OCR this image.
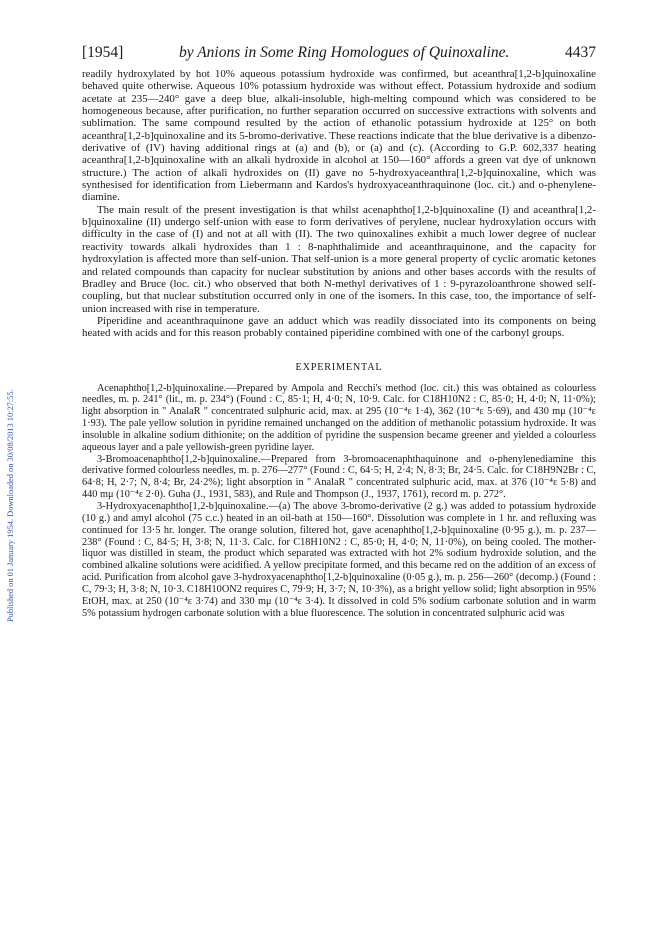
Published on 01 January 1954. Downloaded on 30/08/2013 10:27:55.
[1954]	by Anions in Some Ring Homologues of Quinoxaline.	4437

readily hydroxylated by hot 10% aqueous potassium hydroxide was confirmed, but aceanthra[1,2-b]quinoxaline behaved quite otherwise. Aqueous 10% potassium hydroxide was without effect. Potassium hydroxide and sodium acetate at 235—240° gave a deep blue, alkali-insoluble, high-melting compound which was considered to be homogeneous because, after purification, no further separation occurred on successive extractions with solvents and sublimation. The same compound resulted by the action of ethanolic potassium hydroxide at 125° on both aceanthra[1,2-b]quinoxaline and its 5-bromo-derivative. These reactions indicate that the blue derivative is a dibenzo-derivative of (IV) having additional rings at (a) and (b), or (a) and (c). (According to G.P. 602,337 heating aceanthra[1,2-b]quinoxaline with an alkali hydroxide in alcohol at 150—160° affords a green vat dye of unknown structure.) The action of alkali hydroxides on (II) gave no 5-hydroxyaceanthra[1,2-b]quinoxaline, which was synthesised for identification from Liebermann and Kardos's hydroxyaceanthraquinone (loc. cit.) and o-phenylene-diamine.

The main result of the present investigation is that whilst acenaphtho[1,2-b]quinoxaline (I) and aceanthra[1,2-b]quinoxaline (II) undergo self-union with ease to form derivatives of perylene, nuclear hydroxylation occurs with difficulty in the case of (I) and not at all with (II). The two quinoxalines exhibit a much lower degree of nuclear reactivity towards alkali hydroxides than 1 : 8-naphthalimide and aceanthraquinone, and the capacity for hydroxylation is affected more than self-union. That self-union is a more general property of cyclic aromatic ketones and related compounds than capacity for nuclear substitution by anions and other bases accords with the results of Bradley and Bruce (loc. cit.) who observed that both N-methyl derivatives of 1 : 9-pyrazoloanthrone showed self-coupling, but that nuclear substitution occurred only in one of the isomers. In this case, too, the importance of self-union increased with rise in temperature.

Piperidine and aceanthraquinone gave an adduct which was readily dissociated into its components on being heated with acids and for this reason probably contained piperidine combined with one of the carbonyl groups.

EXPERIMENTAL

Acenaphtho[1,2-b]quinoxaline.—Prepared by Ampola and Recchi's method (loc. cit.) this was obtained as colourless needles, m. p. 241° (lit., m. p. 234°) (Found : C, 85·1; H, 4·0; N, 10·9. Calc. for C18H10N2 : C, 85·0; H, 4·0; N, 11·0%); light absorption in " AnalaR " concentrated sulphuric acid, max. at 295 (10⁻⁴ε 1·4), 362 (10⁻⁴ε 5·69), and 430 mμ (10⁻⁴ε 1·93). The pale yellow solution in pyridine remained unchanged on the addition of methanolic potassium hydroxide. It was insoluble in alkaline sodium dithionite; on the addition of pyridine the suspension became greener and yielded a colourless aqueous layer and a pale yellowish-green pyridine layer.

3-Bromoacenaphtho[1,2-b]quinoxaline.—Prepared from 3-bromoacenaphthaquinone and o-phenylenediamine this derivative formed colourless needles, m. p. 276—277° (Found : C, 64·5; H, 2·4; N, 8·3; Br, 24·5. Calc. for C18H9N2Br : C, 64·8; H, 2·7; N, 8·4; Br, 24·2%); light absorption in " AnalaR " concentrated sulphuric acid, max. at 376 (10⁻⁴ε 5·8) and 440 mμ (10⁻⁴ε 2·0). Guha (J., 1931, 583), and Rule and Thompson (J., 1937, 1761), record m. p. 272°.

3-Hydroxyacenaphtho[1,2-b]quinoxaline.—(a) The above 3-bromo-derivative (2 g.) was added to potassium hydroxide (10 g.) and amyl alcohol (75 c.c.) heated in an oil-bath at 150—160°. Dissolution was complete in 1 hr. and refluxing was continued for 13·5 hr. longer. The orange solution, filtered hot, gave acenaphtho[1,2-b]quinoxaline (0·95 g.), m. p. 237—238° (Found : C, 84·5; H, 3·8; N, 11·3. Calc. for C18H10N2 : C, 85·0; H, 4·0; N, 11·0%), on being cooled. The mother-liquor was distilled in steam, the product which separated was extracted with hot 2% sodium hydroxide solution, and the combined alkaline solutions were acidified. A yellow precipitate formed, and this became red on the addition of an excess of acid. Purification from alcohol gave 3-hydroxyacenaphtho[1,2-b]quinoxaline (0·05 g.), m. p. 256—260° (decomp.) (Found : C, 79·3; H, 3·8; N, 10·3. C18H10ON2 requires C, 79·9; H, 3·7; N, 10·3%), as a bright yellow solid; light absorption in 95% EtOH, max. at 250 (10⁻⁴ε 3·74) and 330 mμ (10⁻⁴ε 3·4). It dissolved in cold 5% sodium carbonate solution and in warm 5% potassium hydrogen carbonate solution with a blue fluorescence. The solution in concentrated sulphuric acid was
